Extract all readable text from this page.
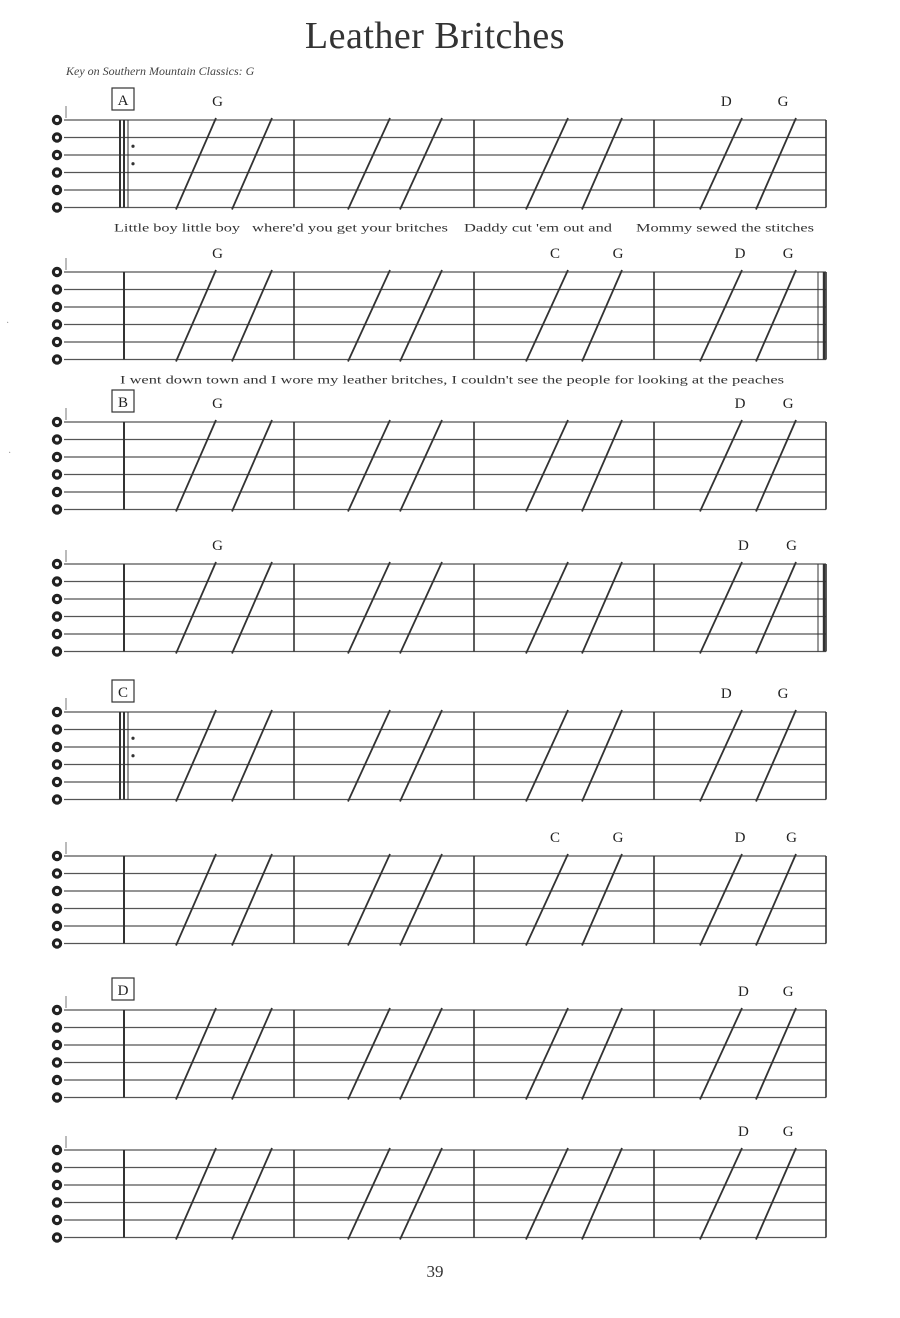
Leather Britches
Key on Southern Mountain Classics: G
A	G	D	G
Little boy little boy where'd you get your britches Daddy cut 'em out and Mommy sewed the stitches
G	C	G	D G
I went down town and I wore my leather britches, I couldn't see the people for looking at the peaches
B	G	D G
G	D G
C	D	G
C	G	D	G
D	D G
D G
39
·
·
